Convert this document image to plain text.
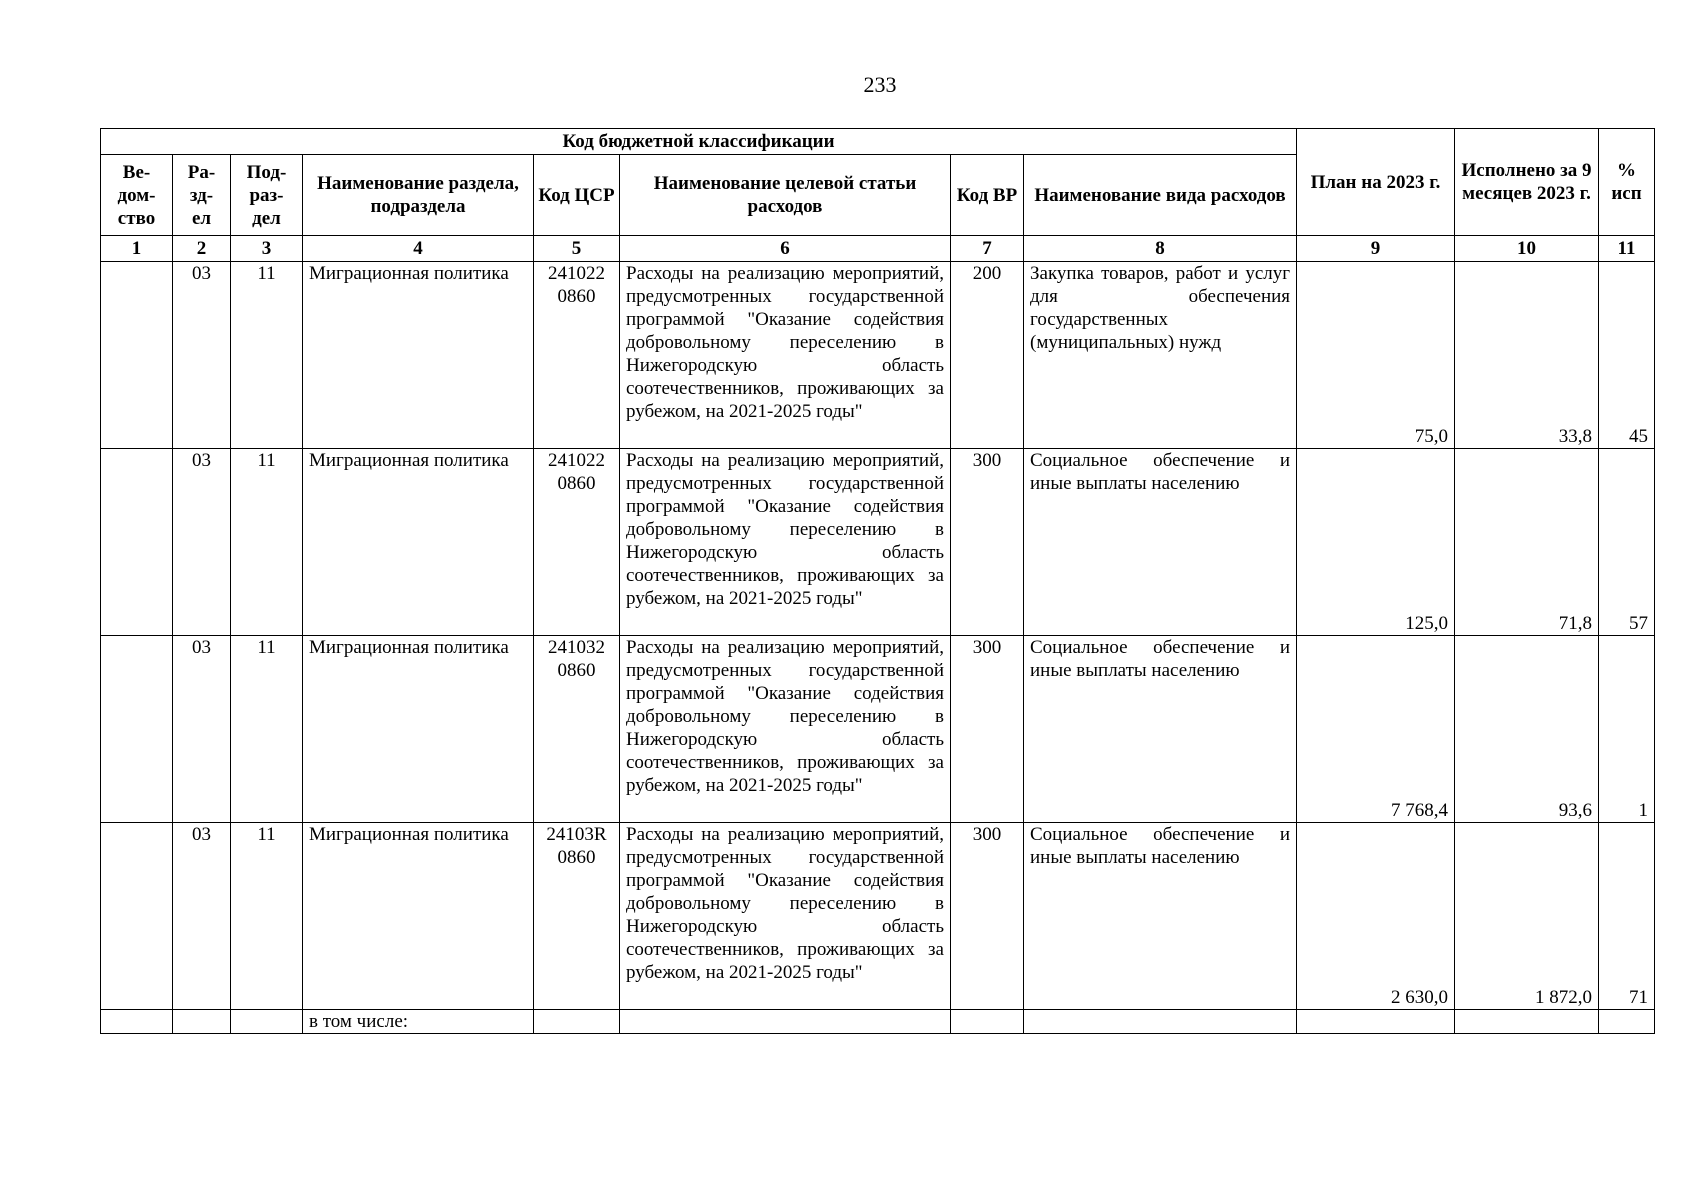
233
Код бюджетной классификации								План на 2023 г.	Исполнено за 9 месяцев 2023 г.	% исп
Ве-
дом-
ство	Ра-
зд-
ел	Под-
раз-
дел	Наименование раздела, подраздела	Код ЦСР	Наименование целевой статьи расходов	Код ВР	Наименование вида расходов			
1	2	3	4	5	6	7	8	9	10	11
	03	11	Миграционная политика	241022 0860	Расходы на реализацию мероприятий, предусмотренных государственной программой "Оказание содействия добровольному переселению в Нижегородскую область соотечественников, проживающих за рубежом, на 2021-2025 годы"	200	Закупка товаров, работ и услуг для обеспечения государственных (муниципальных) нужд	75,0	33,8	45
	03	11	Миграционная политика	241022 0860	Расходы на реализацию мероприятий, предусмотренных государственной программой "Оказание содействия добровольному переселению в Нижегородскую область соотечественников, проживающих за рубежом, на 2021-2025 годы"	300	Социальное обеспечение и иные выплаты населению	125,0	71,8	57
	03	11	Миграционная политика	241032 0860	Расходы на реализацию мероприятий, предусмотренных государственной программой "Оказание содействия добровольному переселению в Нижегородскую область соотечественников, проживающих за рубежом, на 2021-2025 годы"	300	Социальное обеспечение и иные выплаты населению	7 768,4	93,6	1
	03	11	Миграционная политика	24103R 0860	Расходы на реализацию мероприятий, предусмотренных государственной программой "Оказание содействия добровольному переселению в Нижегородскую область соотечественников, проживающих за рубежом, на 2021-2025 годы"	300	Социальное обеспечение и иные выплаты населению	2 630,0	1 872,0	71
			в том числе:							
